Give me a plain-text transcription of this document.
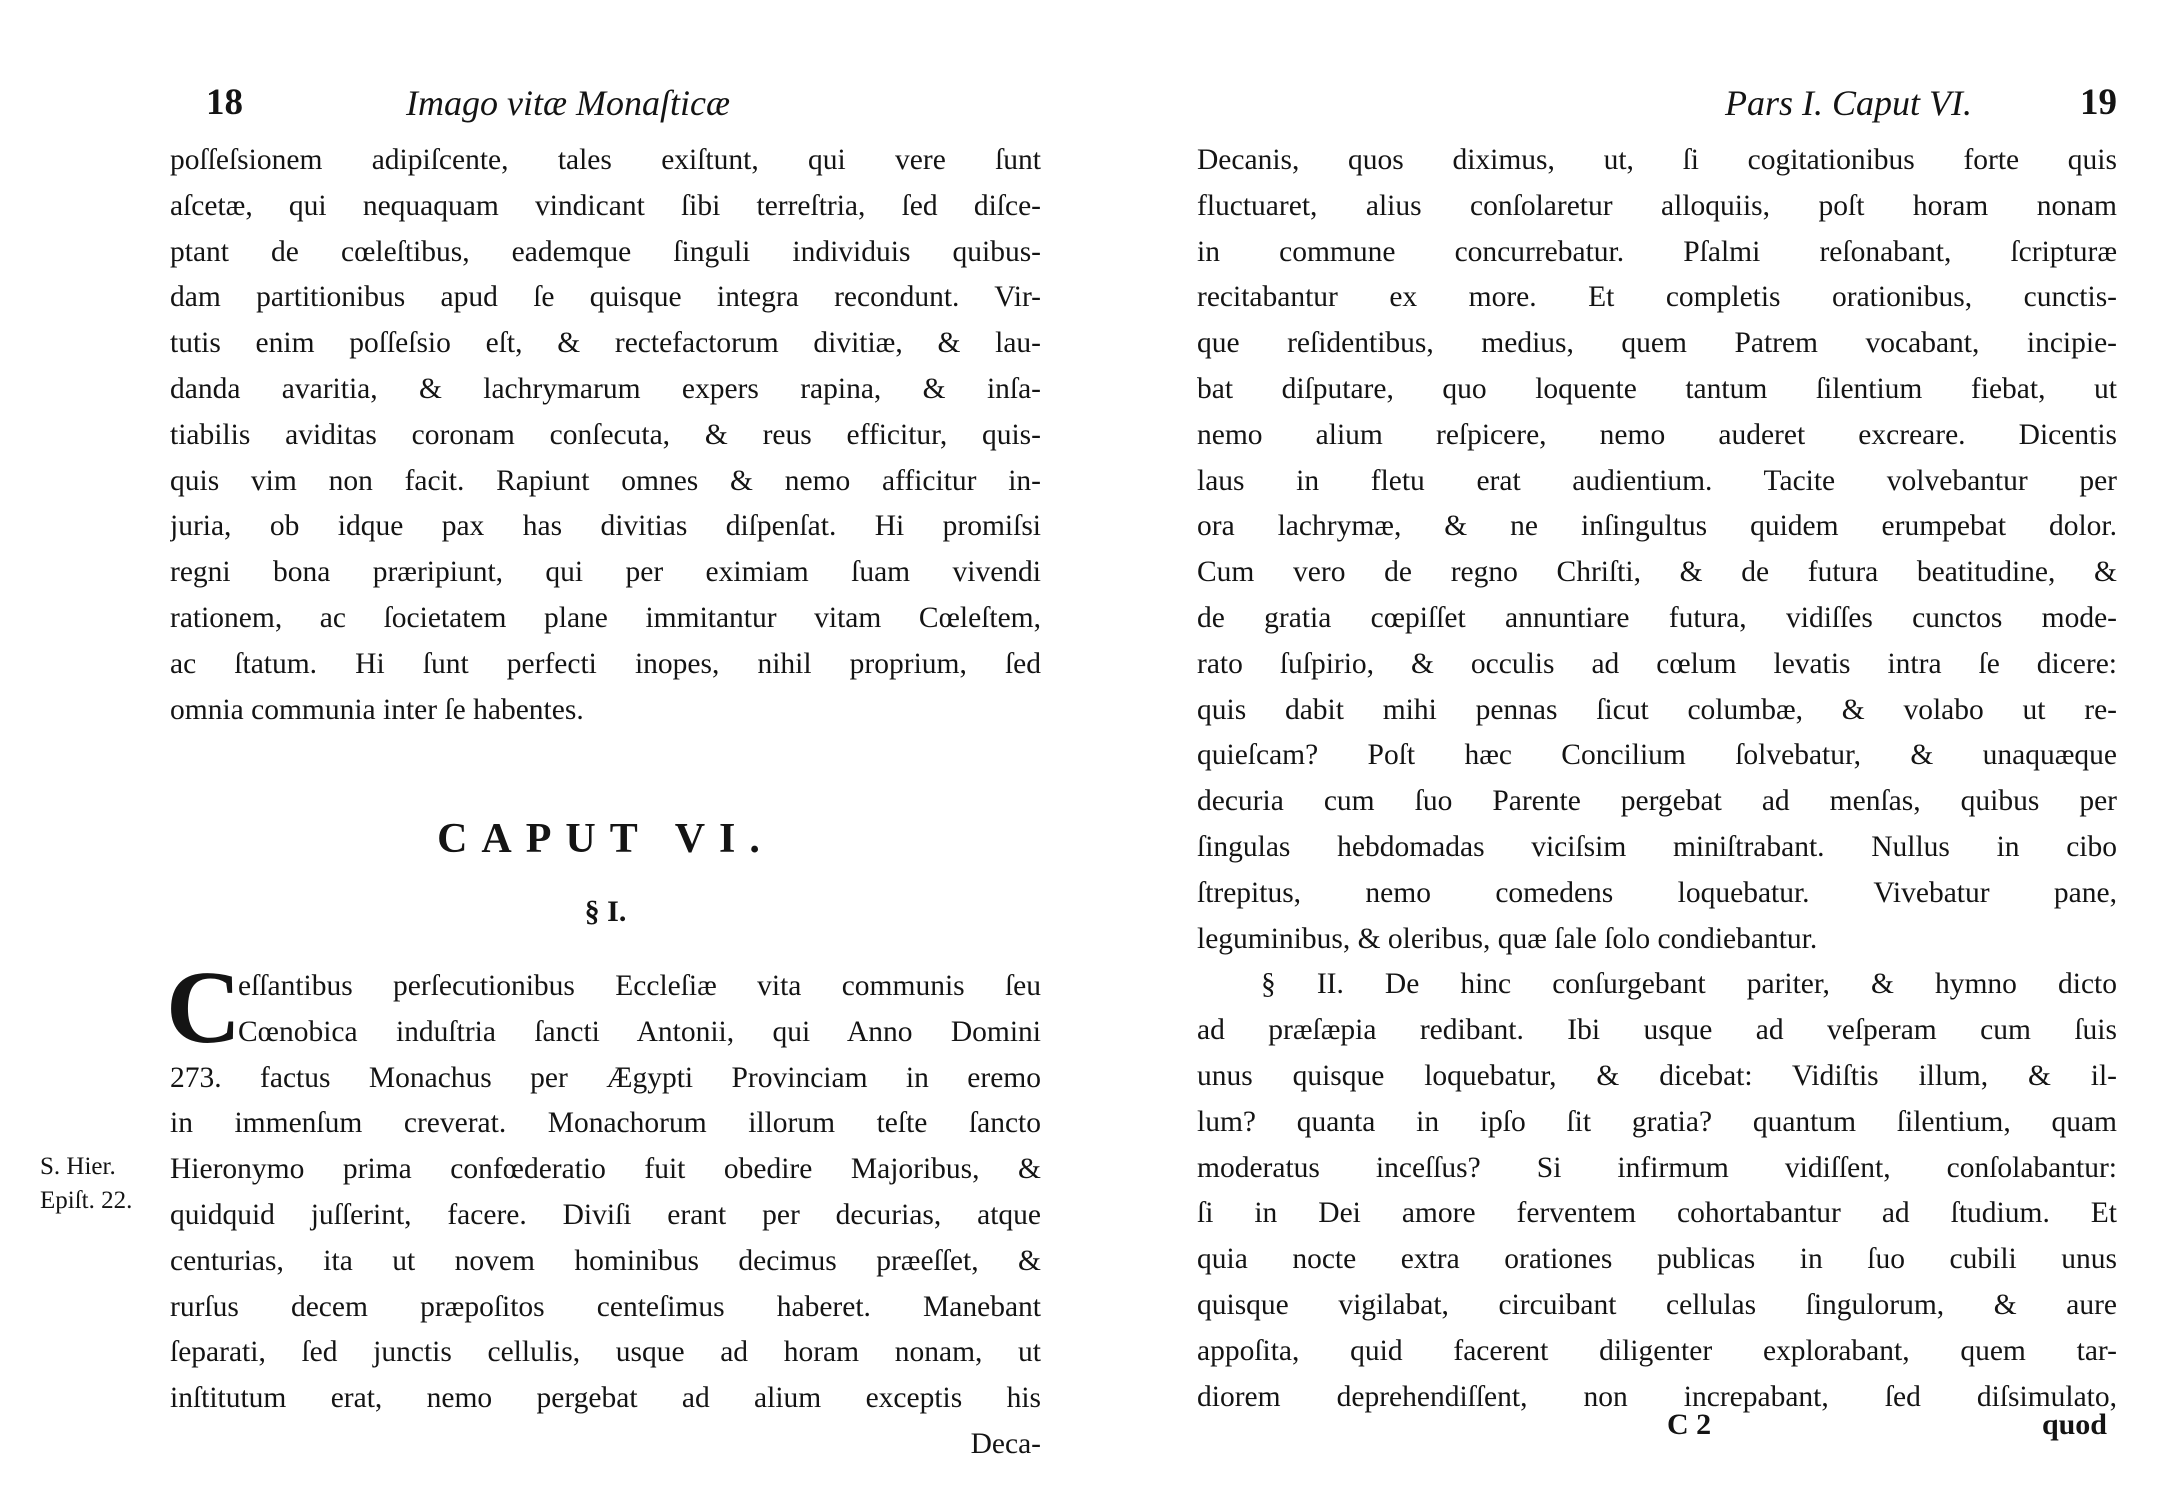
18	Imago vitæ Monaſticæ
poſſeſsionem adipiſcente, tales exiſtunt, qui vere ſunt
aſcetæ, qui nequaquam vindicant ſibi terreſtria, ſed diſce-
ptant de cœleſtibus, eademque ſinguli individuis quibus-
dam partitionibus apud ſe quisque integra recondunt. Vir-
tutis enim poſſeſsio eſt, & rectefactorum divitiæ, & lau-
danda avaritia, & lachrymarum expers rapina, & inſa-
tiabilis aviditas coronam conſecuta, & reus efficitur, quis-
quis vim non facit. Rapiunt omnes & nemo afficitur in-
juria, ob idque pax has divitias diſpenſat. Hi promiſsi
regni bona præripiunt, qui per eximiam ſuam vivendi
rationem, ac ſocietatem plane immitantur vitam Cœleſtem,
ac ſtatum. Hi ſunt perfecti inopes, nihil proprium, ſed
omnia communia inter ſe habentes.
CAPUT VI.
§ I.
C
S. Hier.
Epiſt. 22.
eſſantibus perſecutionibus Eccleſiæ vita communis ſeu
Cœnobica induſtria ſancti Antonii, qui Anno Domini
273. factus Monachus per Ægypti Provinciam in eremo
in immenſum creverat. Monachorum illorum teſte ſancto
Hieronymo prima confœderatio fuit obedire Majoribus, &
quidquid juſſerint, facere. Diviſi erant per decurias, atque
centurias, ita ut novem hominibus decimus præeſſet, &
rurſus decem præpoſitos centeſimus haberet. Manebant
ſeparati, ſed junctis cellulis, usque ad horam nonam, ut
inſtitutum erat, nemo pergebat ad alium exceptis his
Deca-
Pars I. Caput VI.	19
Decanis, quos diximus, ut, ſi cogitationibus forte quis
fluctuaret, alius conſolaretur alloquiis, poſt horam nonam
in commune concurrebatur. Pſalmi reſonabant, ſcripturæ
recitabantur ex more. Et completis orationibus, cunctis-
que reſidentibus, medius, quem Patrem vocabant, incipie-
bat diſputare, quo loquente tantum ſilentium fiebat, ut
nemo alium reſpicere, nemo auderet excreare. Dicentis
laus in fletu erat audientium. Tacite volvebantur per
ora lachrymæ, & ne inſingultus quidem erumpebat dolor.
Cum vero de regno Chriſti, & de futura beatitudine, &
de gratia cœpiſſet annuntiare futura, vidiſſes cunctos mode-
rato ſuſpirio, & occulis ad cœlum levatis intra ſe dicere:
quis dabit mihi pennas ſicut columbæ, & volabo ut re-
quieſcam? Poſt hæc Concilium ſolvebatur, & unaquæque
decuria cum ſuo Parente pergebat ad menſas, quibus per
ſingulas hebdomadas viciſsim miniſtrabant. Nullus in cibo
ſtrepitus, nemo comedens loquebatur. Vivebatur pane,
leguminibus, & oleribus, quæ ſale ſolo condiebantur.
§ II. De hinc conſurgebant pariter, & hymno dicto
ad præſæpia redibant. Ibi usque ad veſperam cum ſuis
unus quisque loquebatur, & dicebat: Vidiſtis illum, & il-
lum? quanta in ipſo ſit gratia? quantum ſilentium, quam
moderatus inceſſus? Si infirmum vidiſſent, conſolabantur:
ſi in Dei amore ferventem cohortabantur ad ſtudium. Et
quia nocte extra orationes publicas in ſuo cubili unus
quisque vigilabat, circuibant cellulas ſingulorum, & aure
appoſita, quid facerent diligenter explorabant, quem tar-
diorem deprehendiſſent, non increpabant, ſed diſsimulato,
C 2	quod
